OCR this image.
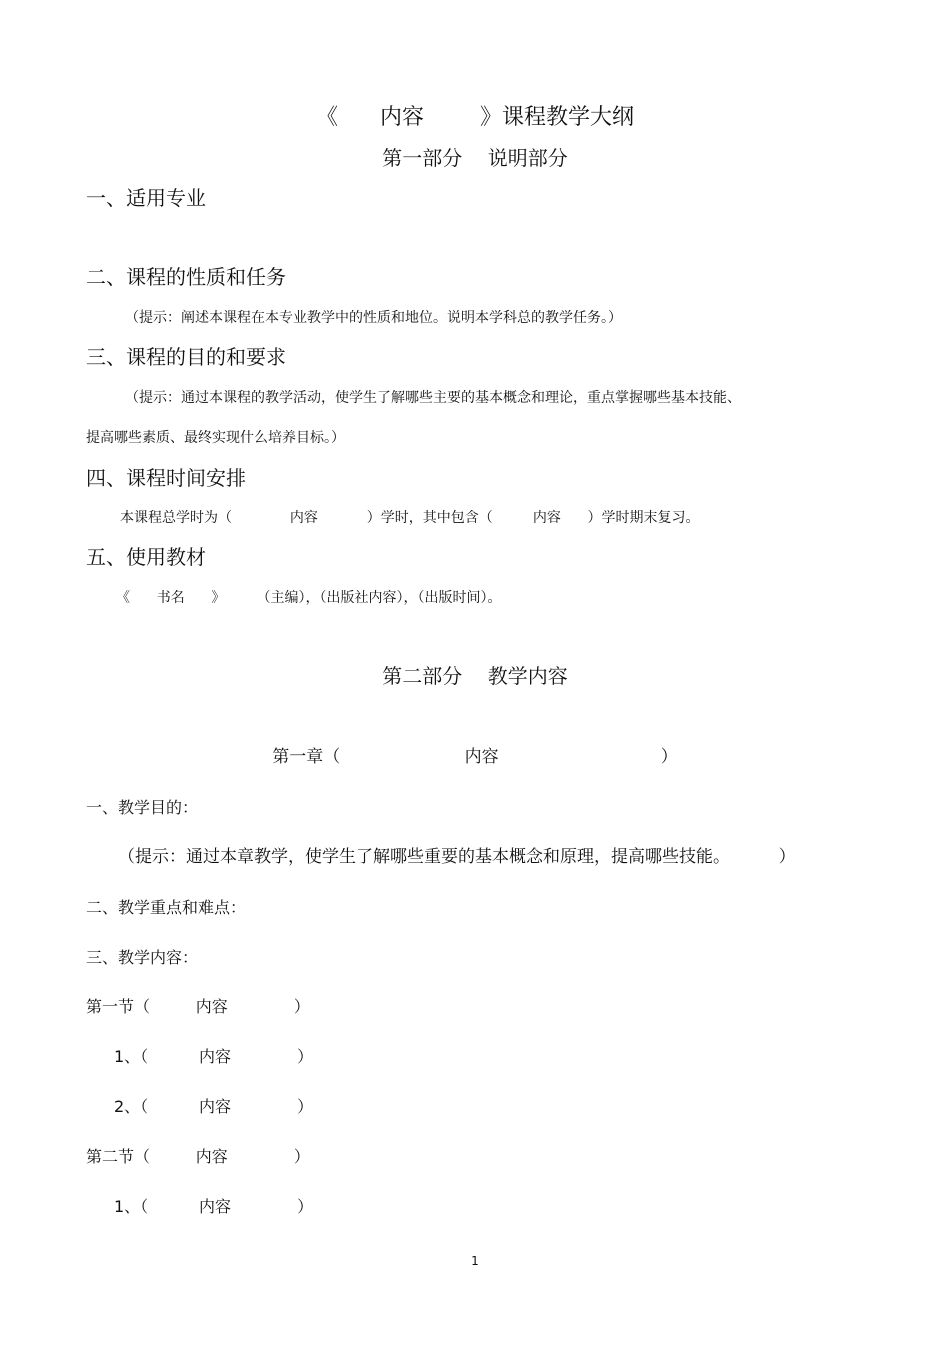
《      内容        》课程教学大纲
第一部分    说明部分
一、适用专业
二、课程的性质和任务
（提示：阐述本课程在本专业教学中的性质和地位。说明本学科总的教学任务。）
三、课程的目的和要求
（提示：通过本课程的教学活动，使学生了解哪些主要的基本概念和理论，重点掌握哪些基本技能、
提高哪些素质、最终实现什么培养目标。）
四、课程时间安排
本课程总学时为（             内容           ）学时，其中包含（         内容      ）学时期末复习。
五、使用教材
《      书名      》       （主编），（出版社内容），（出版时间）。
第二部分    教学内容
第一章（                       内容                              ）
一、教学目的：
（提示：通过本章教学，使学生了解哪些重要的基本概念和原理，提高哪些技能。         ）
二、教学重点和难点：
三、教学内容：
第一节（         内容             ）
1、（          内容             ）
2、（          内容             ）
第二节（         内容             ）
1、（          内容             ）
1
